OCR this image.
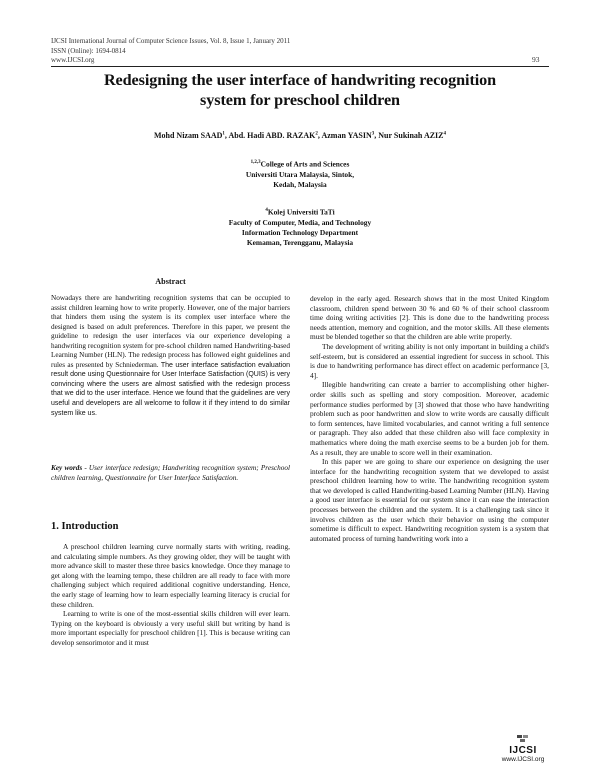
IJCSI International Journal of Computer Science Issues, Vol. 8, Issue 1, January 2011
ISSN (Online): 1694-0814
www.IJCSI.org	93
Redesigning the user interface of handwriting recognition
system for preschool children
Mohd Nizam SAAD$^1$, Abd. Hadi ABD. RAZAK$^2$, Azman YASIN$^3$, Nur Sukinah AZIZ$^4$
$^{1,2,3}$College of Arts and Sciences
Universiti Utara Malaysia, Sintok,
Kedah, Malaysia
$^4$Kolej Universiti TaTi
Faculty of Computer, Media, and Technology
Information Technology Department
Kemaman, Terengganu, Malaysia
Abstract

Nowadays there are handwriting recognition systems that can be occupied to assist children learning how to write properly. However, one of the major barriers that hinders them using the system is its complex user interface where the designed is based on adult preferences. Therefore in this paper, we present the guideline to redesign the user interfaces via our experience developing a handwriting recognition system for pre-school children named Handwriting-based Learning Number (HLN). The redesign process has followed eight guidelines and rules as presented by Schniederman. The user interface satisfaction evaluation result done using Questionnaire for User Interface Satisfaction (QUIS) is very convincing where the users are almost satisfied with the redesign process that we did to the user interface. Hence we found that the guidelines are very useful and developers are all welcome to follow it if they intend to do similar system like us.

Key words - User interface redesign; Handwriting recognition system; Preschool children learning, Questionnaire for User Interface Satisfaction.

1. Introduction

A preschool children learning curve normally starts with writing, reading, and calculating simple numbers. As they growing older, they will be taught with more advance skill to master these three basics knowledge. Once they manage to get along with the learning tempo, these children are all ready to face with more challenging subject which required additional cognitive understanding. Hence, the early stage of learning how to learn especially learning literacy is crucial for these children.

Learning to write is one of the most-essential skills children will ever learn. Typing on the keyboard is obviously a very useful skill but writing by hand is more important especially for preschool children [1]. This is because writing can develop sensorimotor and it must

develop in the early aged. Research shows that in the most United Kingdom classroom, children spend between 30 % and 60 % of their school classroom time doing writing activities [2]. This is done due to the handwriting process needs attention, memory and cognition, and the motor skills. All these elements must be blended together so that the children are able write properly.

The development of writing ability is not only important in building a child's self-esteem, but is considered an essential ingredient for success in school. This is due to handwriting performance has direct effect on academic performance [3, 4].

Illegible handwriting can create a barrier to accomplishing other higher-order skills such as spelling and story composition. Moreover, academic performance studies performed by [3] showed that those who have handwriting problem such as poor handwritten and slow to write words are causally difficult to form sentences, have limited vocabularies, and cannot writing a full sentence or paragraph. They also added that these children also will face complexity in mathematics where doing the math exercise seems to be a burden job for them. As a result, they are unable to score well in their examination.

In this paper we are going to share our experience on designing the user interface for the handwriting recognition system that we developed to assist preschool children learning how to write. The handwriting recognition system that we developed is called Handwriting-based Learning Number (HLN). Having a good user interface is essential for our system since it can ease the interaction processes between the children and the system. It is a challenging task since it involves children as the user which their behavior on using the computer sometime is difficult to expect. Handwriting recognition system is a system that automated process of turning handwriting work into a

IJCSI
www.IJCSI.org
